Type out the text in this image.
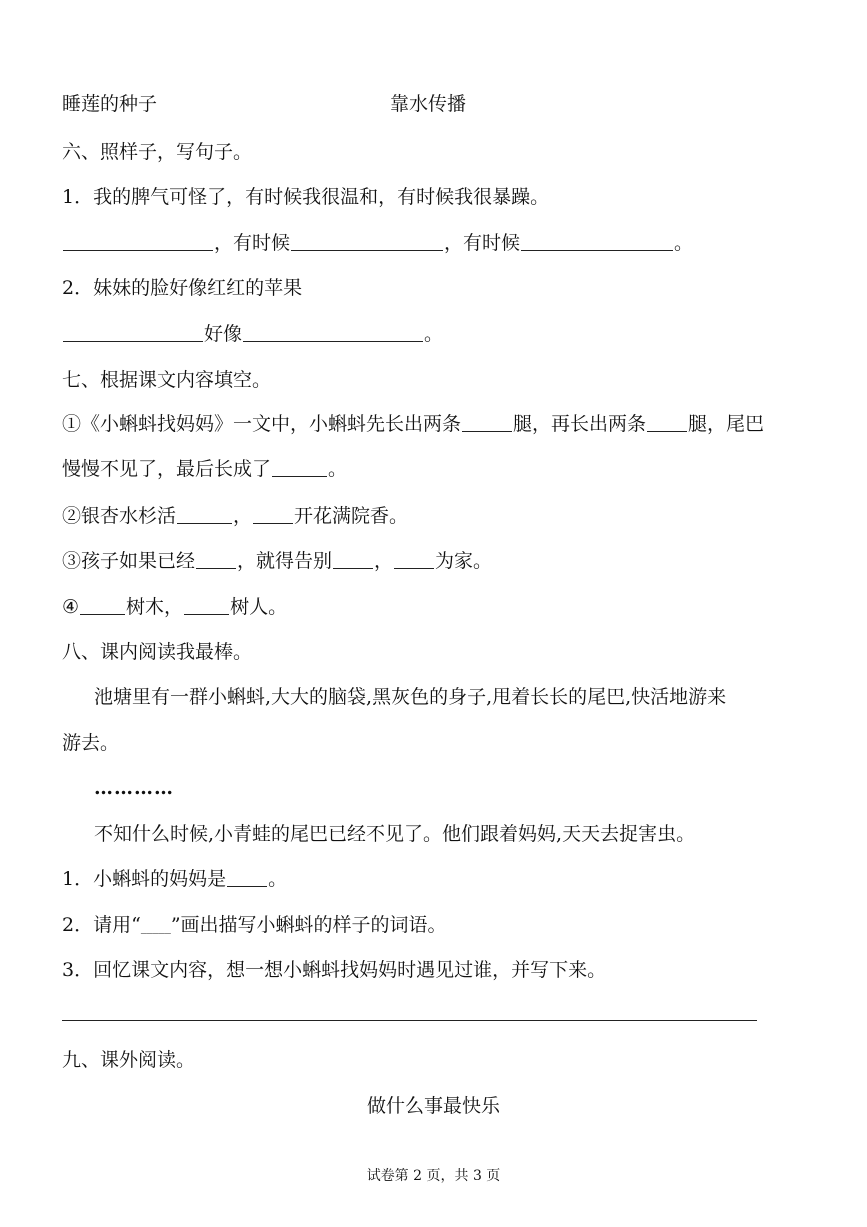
睡莲的种子	靠水传播
六、照样子，写句子。
1．我的脾气可怪了，有时候我很温和，有时候我很暴躁。
，有时候	，有时候	。
2．妹妹的脸好像红红的苹果
好像	。
七、根据课文内容填空。
①《小蝌蚪找妈妈》一文中，小蝌蚪先长出两条	腿，再长出两条 腿，尾巴
慢慢不见了，最后长成了	。
②银杏水杉活	， 开花满院香。
③孩子如果已经 ，就得告别 ， 为家。
④ 树木， 树人。
八、课内阅读我最棒。
池塘里有一群小蝌蚪,大大的脑袋,黑灰色的身子,甩着长长的尾巴,快活地游来
游去。
…………
不知什么时候,小青蛙的尾巴已经不见了。他们跟着妈妈,天天去捉害虫。
1．小蝌蚪的妈妈是 。
2．请用“_____”画出描写小蝌蚪的样子的词语。
3．回忆课文内容，想一想小蝌蚪找妈妈时遇见过谁，并写下来。
九、课外阅读。
做什么事最快乐
试卷第 2 页，共 3 页
